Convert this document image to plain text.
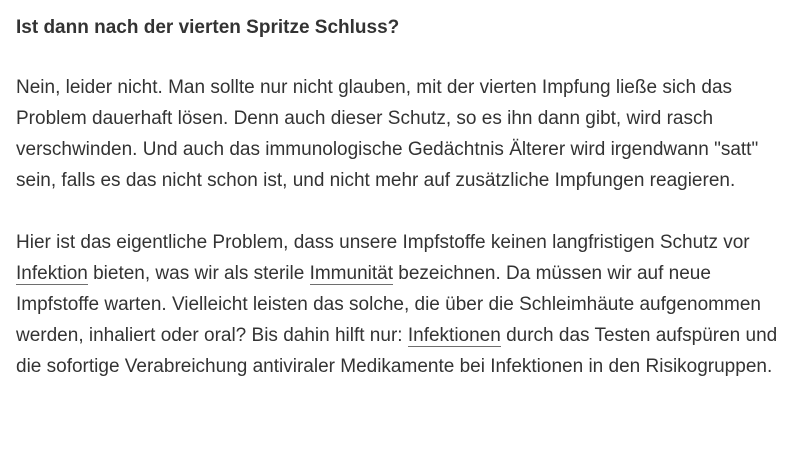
Ist dann nach der vierten Spritze Schluss?

Nein, leider nicht. Man sollte nur nicht glauben, mit der vierten Impfung ließe sich das Problem dauerhaft lösen. Denn auch dieser Schutz, so es ihn dann gibt, wird rasch verschwinden. Und auch das immunologische Gedächtnis Älterer wird irgendwann "satt" sein, falls es das nicht schon ist, und nicht mehr auf zusätzliche Impfungen reagieren.

Hier ist das eigentliche Problem, dass unsere Impfstoffe keinen langfristigen Schutz vor Infektion bieten, was wir als sterile Immunität bezeichnen. Da müssen wir auf neue Impfstoffe warten. Vielleicht leisten das solche, die über die Schleimhäute aufgenommen werden, inhaliert oder oral? Bis dahin hilft nur: Infektionen durch das Testen aufspüren und die sofortige Verabreichung antiviraler Medikamente bei Infektionen in den Risikogruppen.
